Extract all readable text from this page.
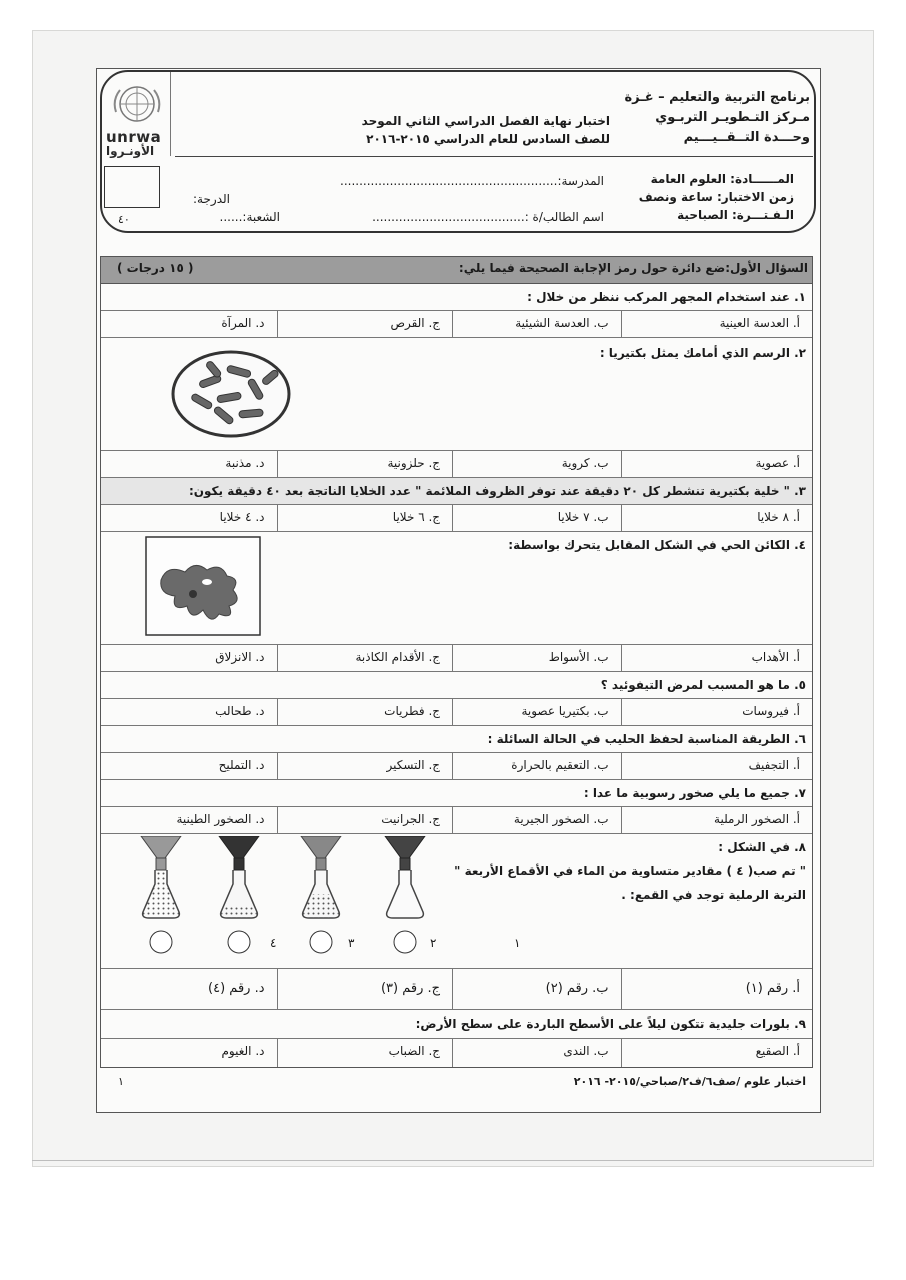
unrwa
الأونـروا
برنامج التربية والتعليم – غـزة
مـركز التـطويـر التربـوي
وحـــدة التــقــيـــيم
اختبار نهاية الفصل الدراسي الثاني الموحد
للصف السادس للعام الدراسي ٢٠١٥-٢٠١٦
المــــــادة: العلوم العامة
زمن الاختبار: ساعة ونصف
الـفـتـــرة: الصباحية
المدرسة:.........................................................
اسم الطالب/ة :........................................
الشعبة:......
الدرجة:
٤٠
السؤال الأول:ضع دائرة حول رمز الإجابة الصحيحة فيما يلي:
( ١٥ درجات )
١. عند استخدام المجهر المركب ننظر من خلال :
أ. العدسة العينية
ب. العدسة الشيئية
ج. القرص
د. المرآة
٢. الرسم الذي أمامك يمثل بكتيريا :
أ. عصوية
ب. كروية
ج. حلزونية
د. مذنبة
٣. " خلية بكتيرية تنشطر كل ٢٠ دقيقة عند توفر الظروف الملائمة " عدد الخلايا الناتجة بعد ٤٠ دقيقة يكون:
أ. ٨ خلايا
ب. ٧ خلايا
ج. ٦ خلايا
د. ٤ خلايا
٤. الكائن الحي في الشكل المقابل يتحرك بواسطة:
أ. الأهداب
ب. الأسواط
ج. الأقدام الكاذبة
د. الانزلاق
٥. ما هو المسبب لمرض التيفوئيد ؟
أ. فيروسات
ب. بكتيريا عصوية
ج. فطريات
د. طحالب
٦. الطريقة المناسبة لحفظ الحليب في الحالة السائلة :
أ. التجفيف
ب. التعقيم بالحرارة
ج. التسكير
د. التمليح
٧. جميع ما يلي صخور رسوبية ما عدا :
أ. الصخور الرملية
ب. الصخور الجيرية
ج. الجرانيت
د. الصخور الطينية
٨. في الشكل :
" تم صب( ٤ ) مقادير متساوية من الماء في الأقماع الأربعة "
التربة الرملية توجد في القمع: .
٤	٣	٢	١
أ. رقم (١)
ب. رقم (٢)
ج. رقم (٣)
د. رقم (٤)
٩. بلورات جليدية تتكون ليلاً على الأسطح الباردة على سطح الأرض:
أ. الصقيع
ب. الندى
ج. الضباب
د. الغيوم
اختبار علوم /صف٦/ف٢/صباحي/٢٠١٥- ٢٠١٦
١
